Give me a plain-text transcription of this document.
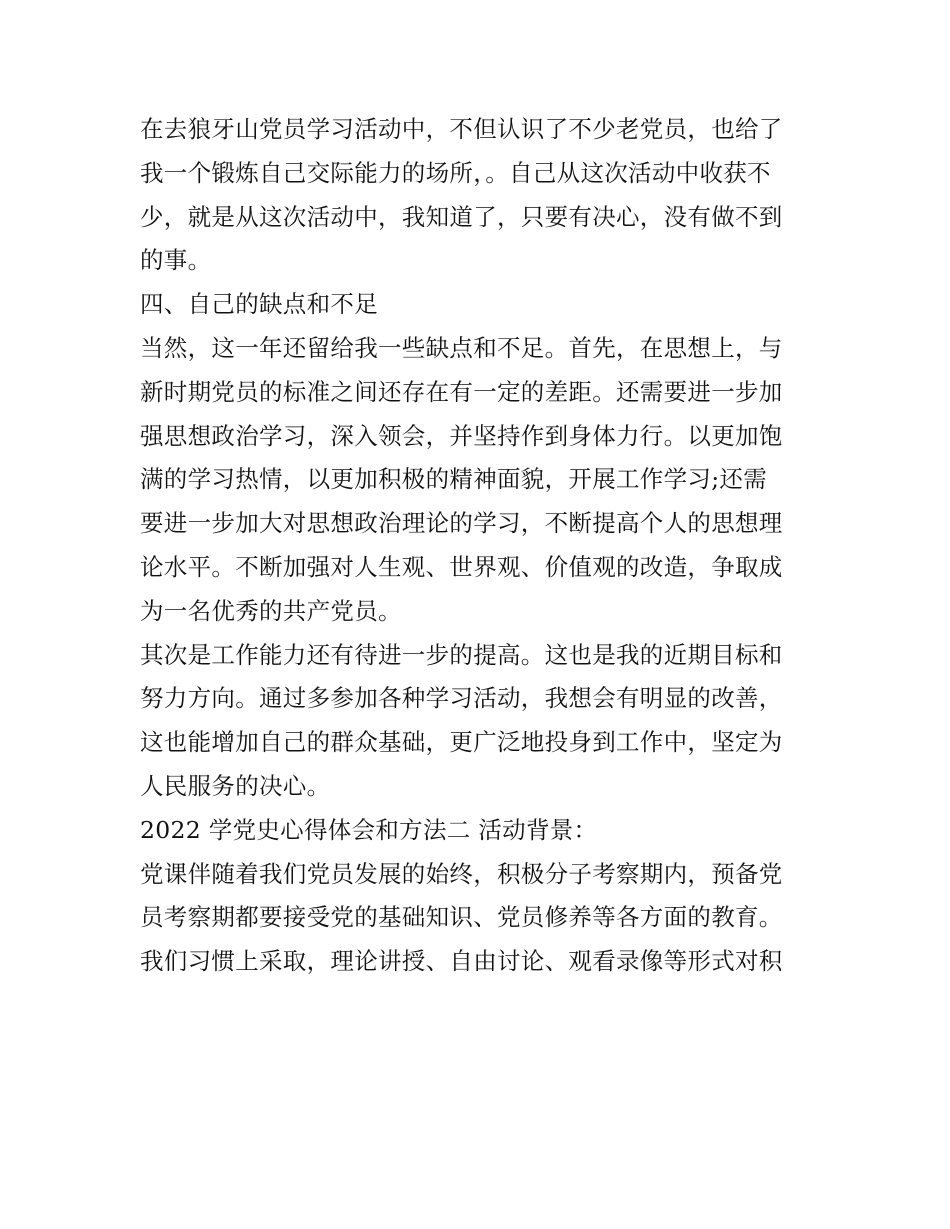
在去狼牙山党员学习活动中，不但认识了不少老党员，也给了
我一个锻炼自己交际能力的场所，。自己从这次活动中收获不
少，就是从这次活动中，我知道了，只要有决心，没有做不到
的事。
四、自己的缺点和不足
当然，这一年还留给我一些缺点和不足。首先，在思想上，与
新时期党员的标准之间还存在有一定的差距。还需要进一步加
强思想政治学习，深入领会，并坚持作到身体力行。以更加饱
满的学习热情，以更加积极的精神面貌，开展工作学习;还需
要进一步加大对思想政治理论的学习，不断提高个人的思想理
论水平。不断加强对人生观、世界观、价值观的改造，争取成
为一名优秀的共产党员。
其次是工作能力还有待进一步的提高。这也是我的近期目标和
努力方向。通过多参加各种学习活动，我想会有明显的改善，
这也能增加自己的群众基础，更广泛地投身到工作中，坚定为
人民服务的决心。
2022 学党史心得体会和方法二 活动背景：
党课伴随着我们党员发展的始终，积极分子考察期内，预备党
员考察期都要接受党的基础知识、党员修养等各方面的教育。
我们习惯上采取，理论讲授、自由讨论、观看录像等形式对积
